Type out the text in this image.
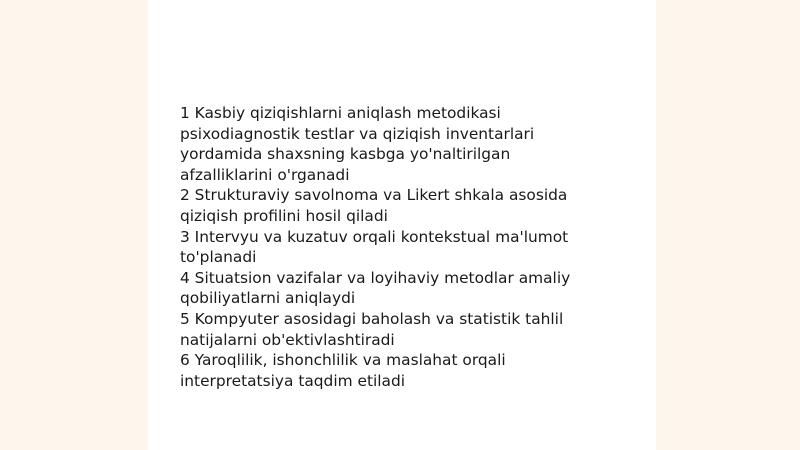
1 Kasbiy qiziqishlarni aniqlash metodikasi
psixodiagnostik testlar va qiziqish inventarlari
yordamida shaxsning kasbga yo'naltirilgan
afzalliklarini o'rganadi
2 Strukturaviy savolnoma va Likert shkala asosida
qiziqish profilini hosil qiladi
3 Intervyu va kuzatuv orqali kontekstual ma'lumot
to'planadi
4 Situatsion vazifalar va loyihaviy metodlar amaliy
qobiliyatlarni aniqlaydi
5 Kompyuter asosidagi baholash va statistik tahlil
natijalarni ob'ektivlashtiradi
6 Yaroqlilik, ishonchlilik va maslahat orqali
interpretatsiya taqdim etiladi
